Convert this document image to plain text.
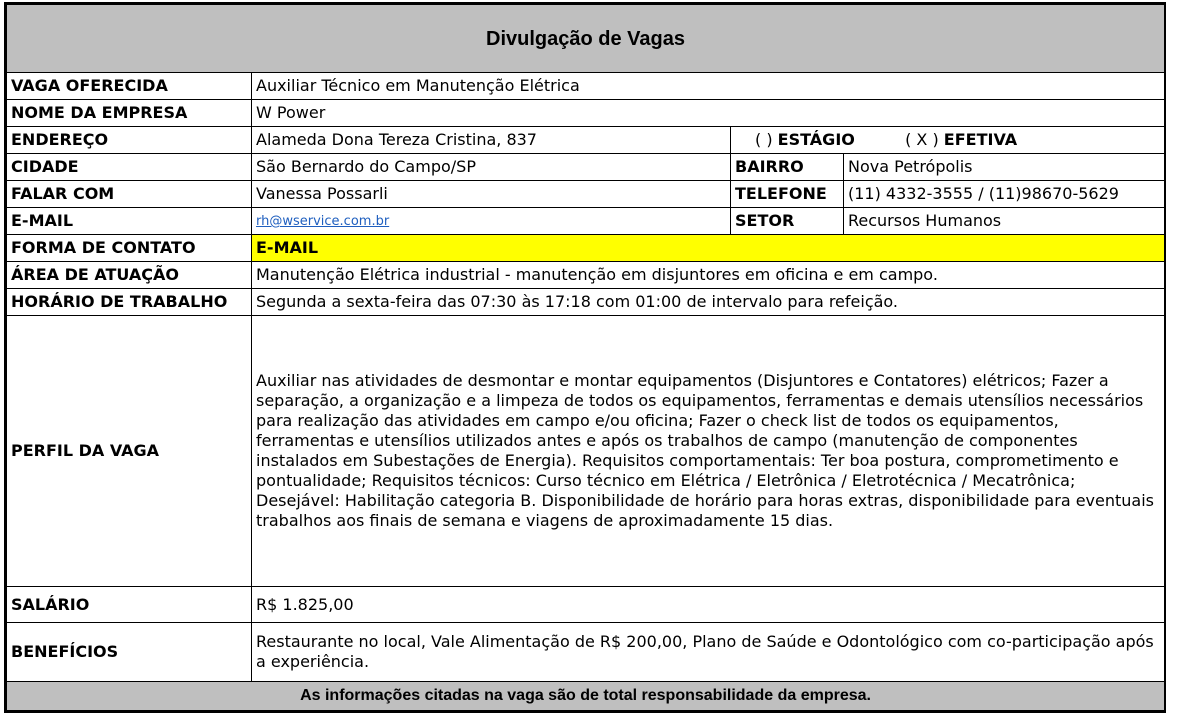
Divulgação de Vagas			
VAGA OFERECIDA	Auxiliar Técnico em Manutenção Elétrica		
NOME DA EMPRESA	W Power		
ENDEREÇO	Alameda Dona Tereza Cristina, 837	( ) ESTÁGIO ( X ) EFETIVA	
CIDADE	São Bernardo do Campo/SP	BAIRRO	Nova Petrópolis
FALAR COM	Vanessa Possarli	TELEFONE	(11) 4332-3555 / (11)98670-5629
E-MAIL	rh@wservice.com.br	SETOR	Recursos Humanos
FORMA DE CONTATO	E-MAIL		
ÁREA DE ATUAÇÃO	Manutenção Elétrica industrial - manutenção em disjuntores em oficina e em campo.		
HORÁRIO DE TRABALHO	Segunda a sexta-feira das 07:30 às 17:18 com 01:00 de intervalo para refeição.		
PERFIL DA VAGA	Auxiliar nas atividades de desmontar e montar equipamentos (Disjuntores e Contatores) elétricos; Fazer a separação, a organização e a limpeza de todos os equipamentos, ferramentas e demais utensílios necessários para realização das atividades em campo e/ou oficina; Fazer o check list de todos os equipamentos, ferramentas e utensílios utilizados antes e após os trabalhos de campo (manutenção de componentes instalados em Subestações de Energia). Requisitos comportamentais: Ter boa postura, comprometimento e pontualidade; Requisitos técnicos: Curso técnico em Elétrica / Eletrônica / Eletrotécnica / Mecatrônica; Desejável: Habilitação categoria B. Disponibilidade de horário para horas extras, disponibilidade para eventuais trabalhos aos finais de semana e viagens de aproximadamente 15 dias.		
SALÁRIO	R$ 1.825,00		
BENEFÍCIOS	Restaurante no local, Vale Alimentação de R$ 200,00, Plano de Saúde e Odontológico com co-participação após a experiência.		
As informações citadas na vaga são de total responsabilidade da empresa.			
